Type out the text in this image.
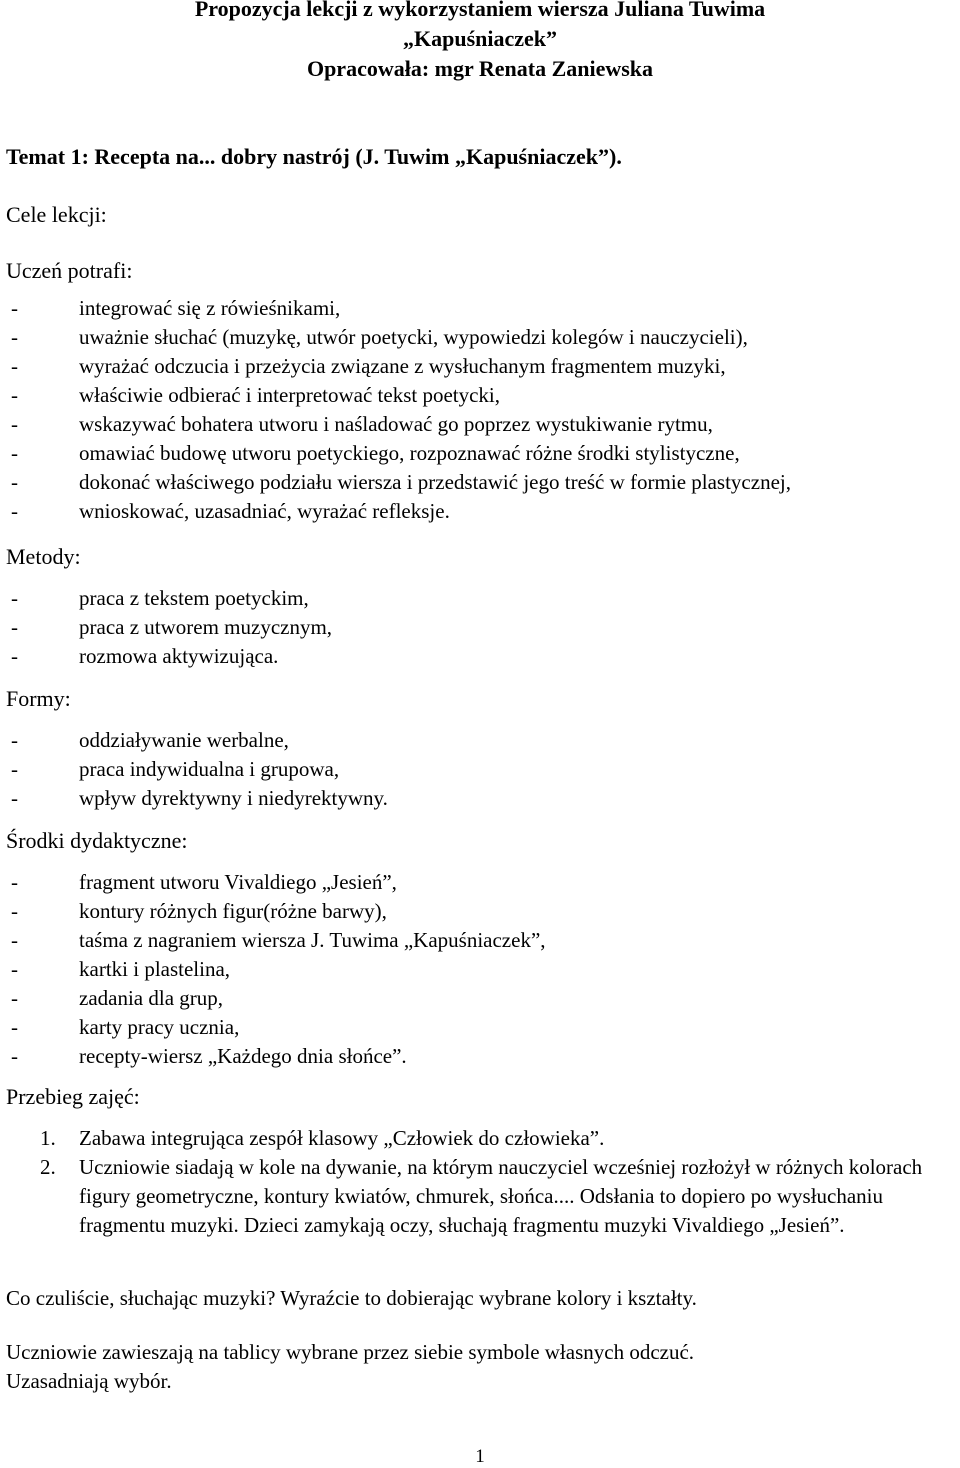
Propozycja lekcji z wykorzystaniem wiersza Juliana Tuwima
„Kapuśniaczek”
Opracowała: mgr Renata Zaniewska
Temat 1: Recepta na... dobry nastrój (J. Tuwim „Kapuśniaczek”).
Cele lekcji:
Uczeń potrafi:
-	integrować się z rówieśnikami,
-	uważnie słuchać (muzykę, utwór poetycki, wypowiedzi kolegów i nauczycieli),
-	wyrażać odczucia i przeżycia związane z wysłuchanym fragmentem muzyki,
-	właściwie odbierać i interpretować tekst poetycki,
-	wskazywać bohatera utworu i naśladować go poprzez wystukiwanie rytmu,
-	omawiać budowę utworu poetyckiego, rozpoznawać różne środki stylistyczne,
-	dokonać właściwego podziału wiersza i przedstawić jego treść w formie plastycznej,
-	wnioskować, uzasadniać, wyrażać refleksje.
Metody:
-	praca z tekstem poetyckim,
-	praca z utworem muzycznym,
-	rozmowa aktywizująca.
Formy:
-	oddziaływanie werbalne,
-	praca indywidualna i grupowa,
-	wpływ dyrektywny i niedyrektywny.
Środki dydaktyczne:
-	fragment utworu Vivaldiego „Jesień”,
-	kontury różnych figur(różne barwy),
-	taśma z nagraniem wiersza J. Tuwima „Kapuśniaczek”,
-	kartki i plastelina,
-	zadania dla grup,
-	karty pracy ucznia,
-	recepty-wiersz „Każdego dnia słońce”.
Przebieg zajęć:
1. Zabawa integrująca zespół klasowy „Człowiek do człowieka”.
2. Uczniowie siadają w kole na dywanie, na którym nauczyciel wcześniej rozłożył w różnych kolorach figury geometryczne, kontury kwiatów, chmurek, słońca.... Odsłania to dopiero po wysłuchaniu fragmentu muzyki. Dzieci zamykają oczy, słuchają fragmentu muzyki Vivaldiego „Jesień”.
Co czuliście, słuchając muzyki? Wyraźcie to dobierając wybrane kolory i kształty.
Uczniowie zawieszają na tablicy wybrane przez siebie symbole własnych odczuć.
Uzasadniają wybór.
1
